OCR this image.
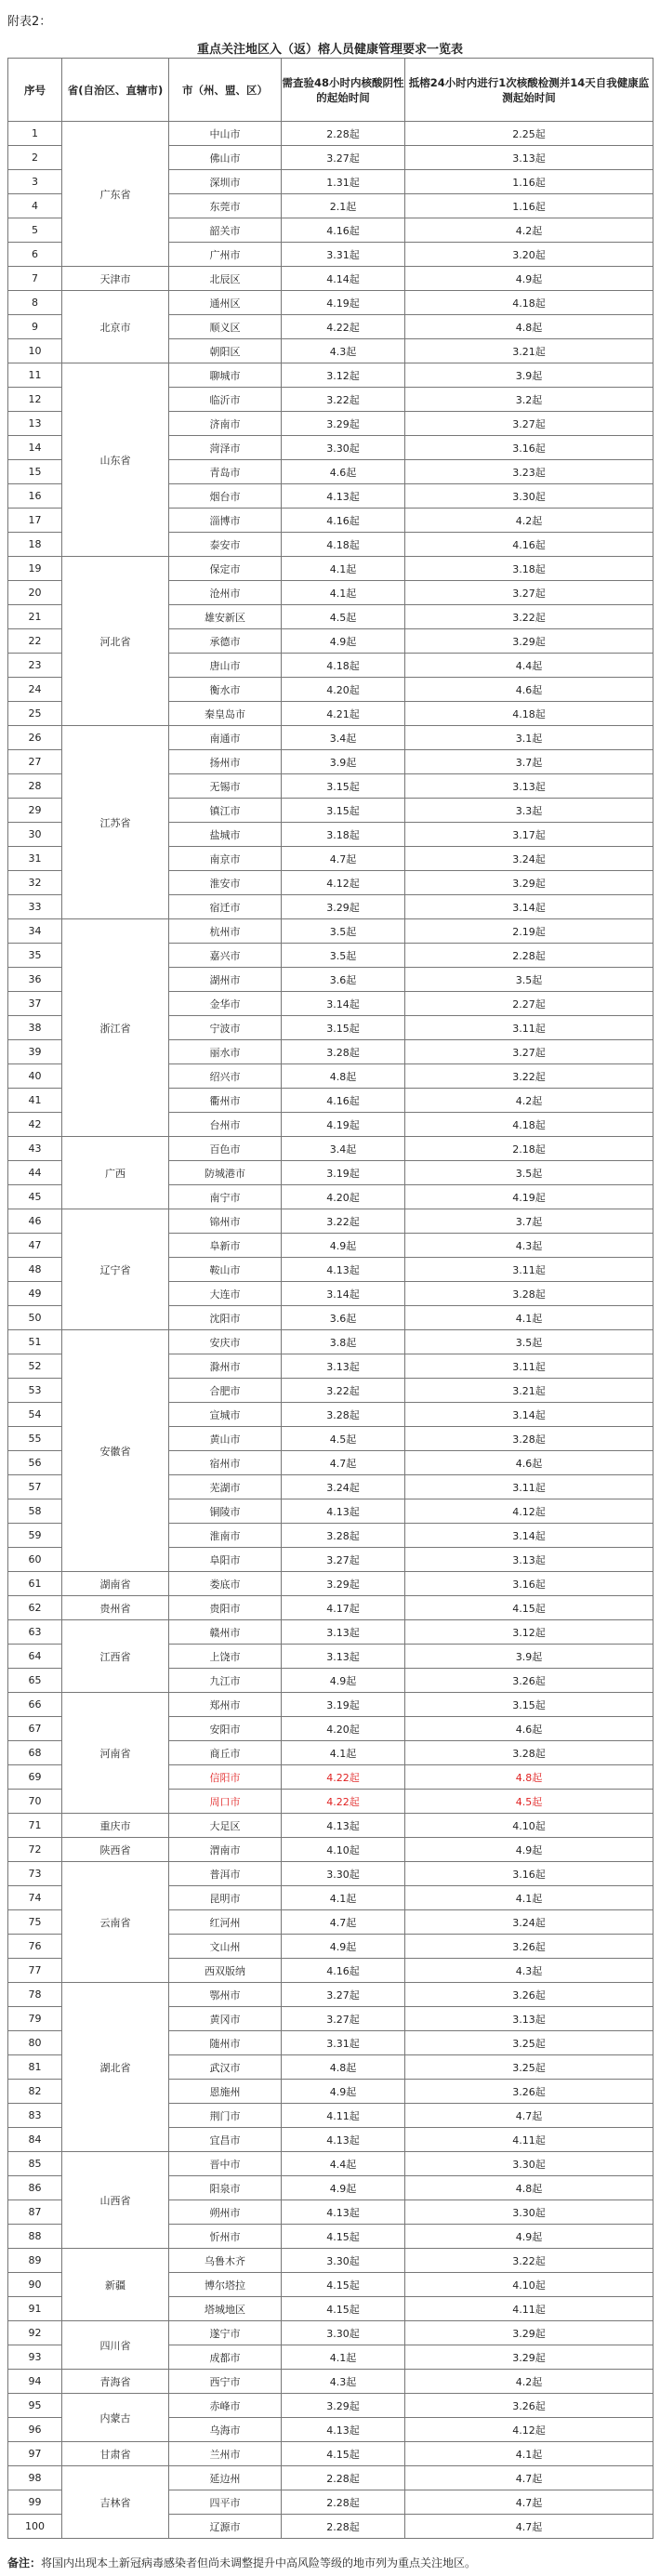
附表2：
重点关注地区入（返）榕人员健康管理要求一览表
序号	省(自治区、直辖市)	市（州、盟、区）	需查验48小时内核酸阴性的起始时间	抵榕24小时内进行1次核酸检测并14天自我健康监测起始时间
1	广东省	中山市	2.28起	2.25起
2		佛山市	3.27起	3.13起
3		深圳市	1.31起	1.16起
4		东莞市	2.1起	1.16起
5		韶关市	4.16起	4.2起
6		广州市	3.31起	3.20起
7	天津市	北辰区	4.14起	4.9起
8	北京市	通州区	4.19起	4.18起
9		顺义区	4.22起	4.8起
10		朝阳区	4.3起	3.21起
11	山东省	聊城市	3.12起	3.9起
12		临沂市	3.22起	3.2起
13		济南市	3.29起	3.27起
14		菏泽市	3.30起	3.16起
15		青岛市	4.6起	3.23起
16		烟台市	4.13起	3.30起
17		淄博市	4.16起	4.2起
18		泰安市	4.18起	4.16起
19	河北省	保定市	4.1起	3.18起
20		沧州市	4.1起	3.27起
21		雄安新区	4.5起	3.22起
22		承德市	4.9起	3.29起
23		唐山市	4.18起	4.4起
24		衡水市	4.20起	4.6起
25		秦皇岛市	4.21起	4.18起
26	江苏省	南通市	3.4起	3.1起
27		扬州市	3.9起	3.7起
28		无锡市	3.15起	3.13起
29		镇江市	3.15起	3.3起
30		盐城市	3.18起	3.17起
31		南京市	4.7起	3.24起
32		淮安市	4.12起	3.29起
33		宿迁市	3.29起	3.14起
34	浙江省	杭州市	3.5起	2.19起
35		嘉兴市	3.5起	2.28起
36		湖州市	3.6起	3.5起
37		金华市	3.14起	2.27起
38		宁波市	3.15起	3.11起
39		丽水市	3.28起	3.27起
40		绍兴市	4.8起	3.22起
41		衢州市	4.16起	4.2起
42		台州市	4.19起	4.18起
43	广西	百色市	3.4起	2.18起
44		防城港市	3.19起	3.5起
45		南宁市	4.20起	4.19起
46	辽宁省	锦州市	3.22起	3.7起
47		阜新市	4.9起	4.3起
48		鞍山市	4.13起	3.11起
49		大连市	3.14起	3.28起
50		沈阳市	3.6起	4.1起
51	安徽省	安庆市	3.8起	3.5起
52		滁州市	3.13起	3.11起
53		合肥市	3.22起	3.21起
54		宣城市	3.28起	3.14起
55		黄山市	4.5起	3.28起
56		宿州市	4.7起	4.6起
57		芜湖市	3.24起	3.11起
58		铜陵市	4.13起	4.12起
59		淮南市	3.28起	3.14起
60		阜阳市	3.27起	3.13起
61	湖南省	娄底市	3.29起	3.16起
62	贵州省	贵阳市	4.17起	4.15起
63	江西省	赣州市	3.13起	3.12起
64		上饶市	3.13起	3.9起
65		九江市	4.9起	3.26起
66	河南省	郑州市	3.19起	3.15起
67		安阳市	4.20起	4.6起
68		商丘市	4.1起	3.28起
69		信阳市	4.22起	4.8起
70		周口市	4.22起	4.5起
71	重庆市	大足区	4.13起	4.10起
72	陕西省	渭南市	4.10起	4.9起
73	云南省	普洱市	3.30起	3.16起
74		昆明市	4.1起	4.1起
75		红河州	4.7起	3.24起
76		文山州	4.9起	3.26起
77		西双版纳	4.16起	4.3起
78	湖北省	鄂州市	3.27起	3.26起
79		黄冈市	3.27起	3.13起
80		随州市	3.31起	3.25起
81		武汉市	4.8起	3.25起
82		恩施州	4.9起	3.26起
83		荆门市	4.11起	4.7起
84		宜昌市	4.13起	4.11起
85	山西省	晋中市	4.4起	3.30起
86		阳泉市	4.9起	4.8起
87		朔州市	4.13起	3.30起
88		忻州市	4.15起	4.9起
89	新疆	乌鲁木齐	3.30起	3.22起
90		博尔塔拉	4.15起	4.10起
91		塔城地区	4.15起	4.11起
92	四川省	遂宁市	3.30起	3.29起
93		成都市	4.1起	3.29起
94	青海省	西宁市	4.3起	4.2起
95	内蒙古	赤峰市	3.29起	3.26起
96		乌海市	4.13起	4.12起
97	甘肃省	兰州市	4.15起	4.1起
98	吉林省	延边州	2.28起	4.7起
99		四平市	2.28起	4.7起
100		辽源市	2.28起	4.7起
备注：将国内出现本土新冠病毒感染者但尚未调整提升中高风险等级的地市列为重点关注地区。
